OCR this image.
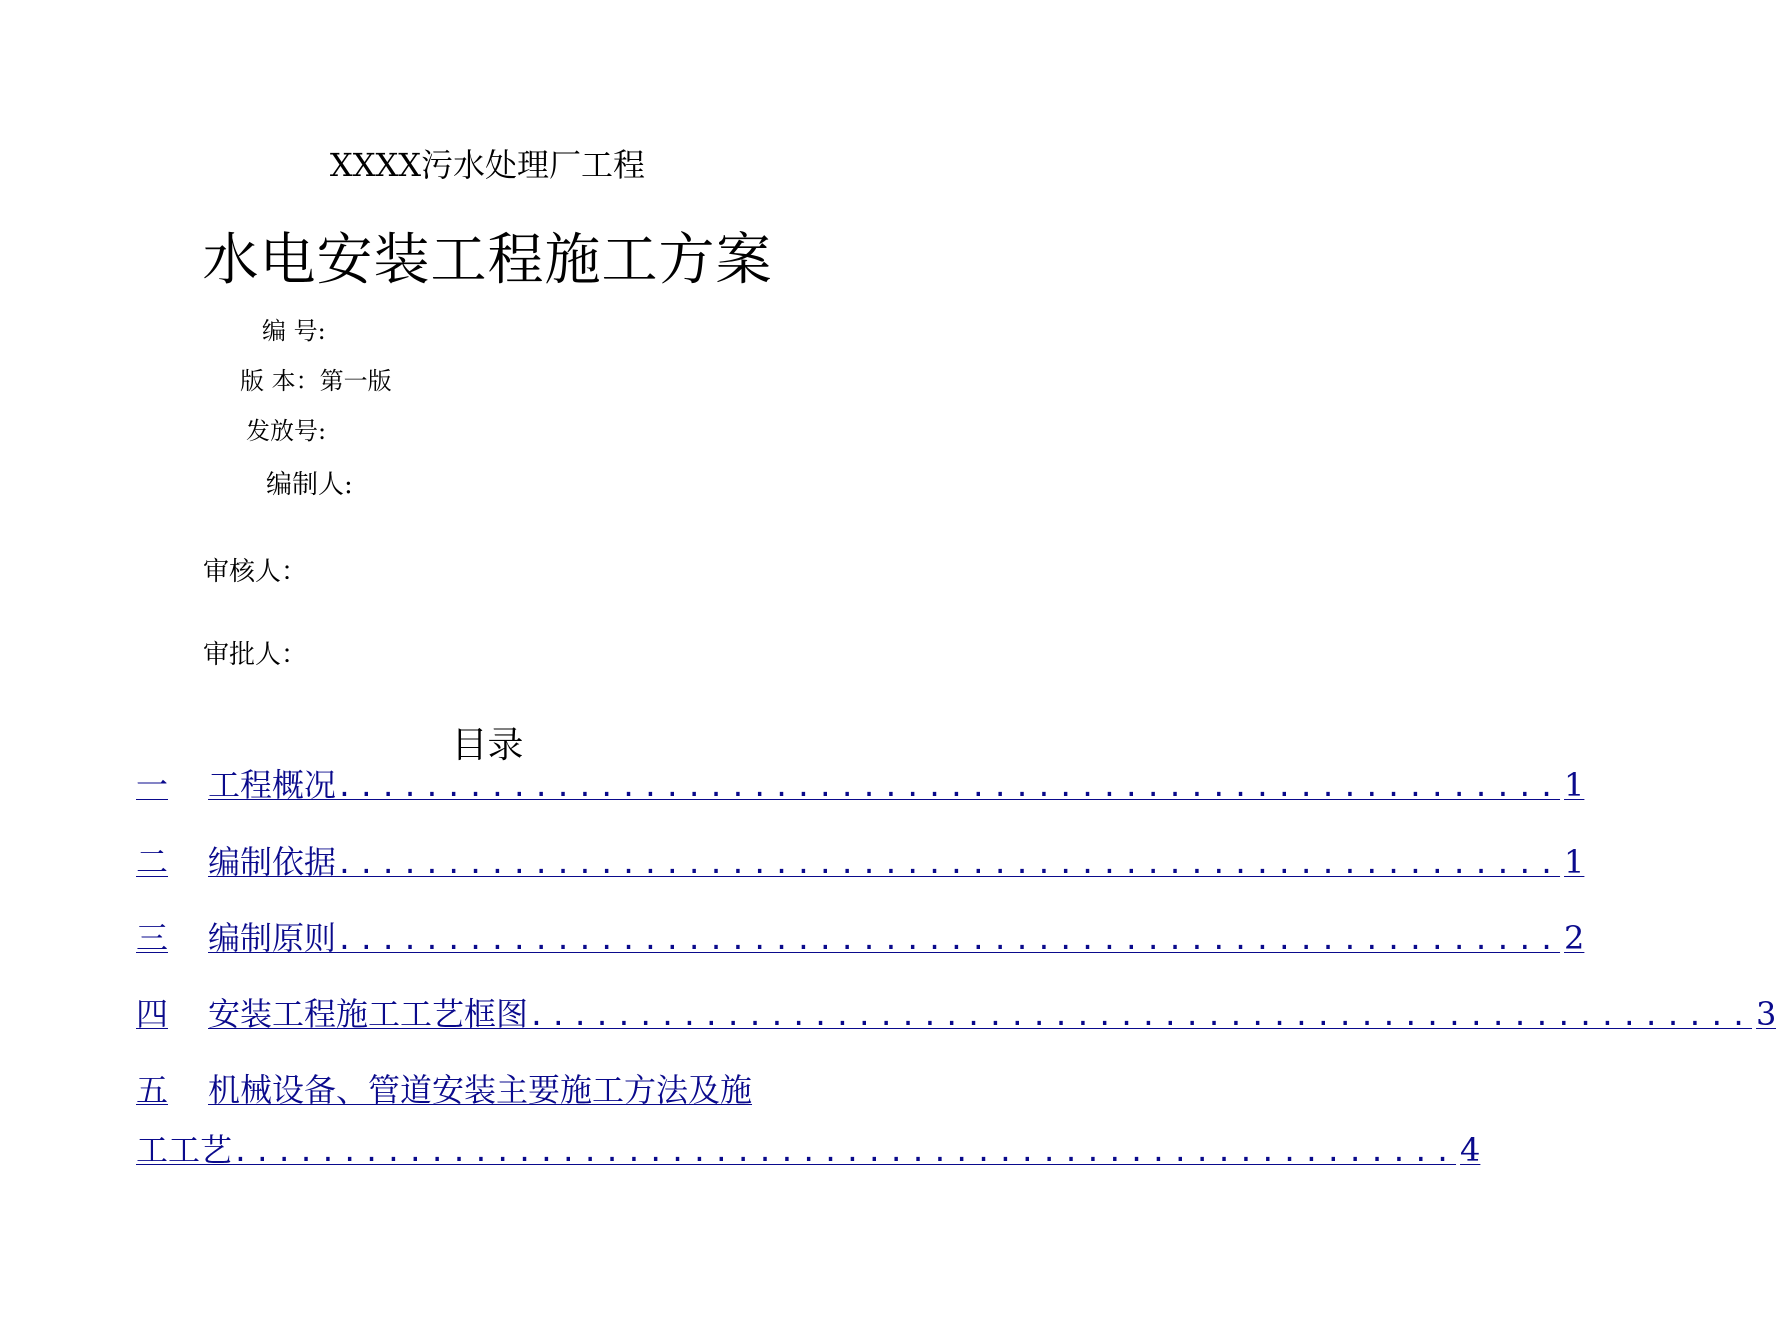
XXXX污水处理厂工程
水电安装工程施工方案
编 号:
版 本：第一版
发放号:
编制人:
审核人：
审批人：
目录
一	工程概况 ........................................................ 1
二	编制依据 ........................................................ 1
三	编制原则 ........................................................ 2
四	安装工程施工工艺框图 ........................................................ 3
五	机械设备、管道安装主要施工方法及施
工工艺 ........................................................ 4
